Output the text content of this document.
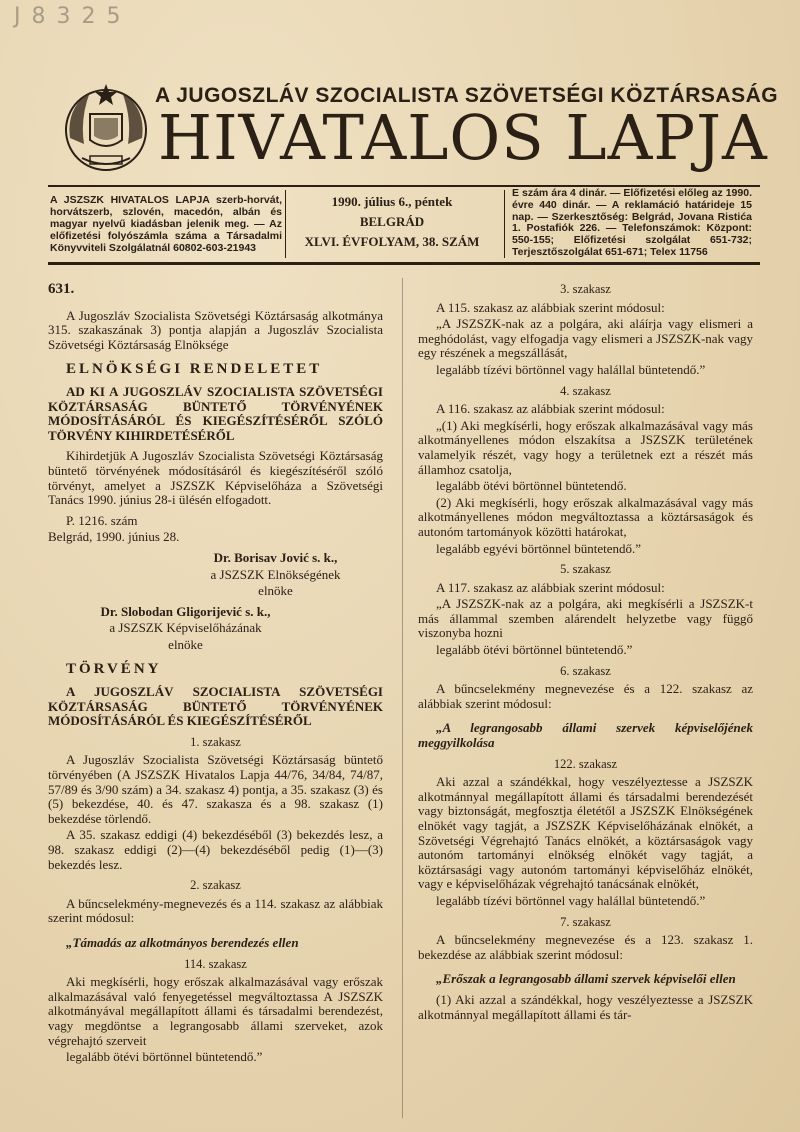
J 8 3 2 5
A JUGOSZLÁV SZOCIALISTA SZÖVETSÉGI KÖZTÁRSASÁG
HIVATALOS LAPJA
A JSZSZK HIVATALOS LAPJA szerb-horvát, horvátszerb, szlovén, macedón, albán és magyar nyelvű kiadásban jelenik meg. — Az előfizetési folyószámla száma a Társadalmi Könyvviteli Szolgálatnál 60802-603-21943
1990. július 6., péntek
BELGRÁD
XLVI. ÉVFOLYAM, 38. SZÁM
E szám ára 4 dinár. — Előfizetési előleg az 1990. évre 440 dinár. — A reklamáció határideje 15 nap. — Szerkesztőség: Belgrád, Jovana Ristića 1. Postafiók 226. — Telefonszámok: Központ: 550-155; Előfizetési szolgálat 651-732; Terjesztőszolgálat 651-671; Telex 11756

631.

A Jugoszláv Szocialista Szövetségi Köztársaság alkotmánya 315. szakaszának 3) pontja alapján a Jugoszláv Szocialista Szövetségi Köztársaság Elnöksége

ELNÖKSÉGI RENDELETET

AD KI A JUGOSZLÁV SZOCIALISTA SZÖVETSÉGI KÖZTÁRSASÁG BÜNTETŐ TÖRVÉNYÉNEK MÓDOSÍTÁSÁRÓL ÉS KIEGÉSZÍTÉSÉRŐL SZÓLÓ TÖRVÉNY KIHIRDETÉSÉRŐL

Kihirdetjük A Jugoszláv Szocialista Szövetségi Köztársaság büntető törvényének módosításáról és kiegészítéséről szóló törvényt, amelyet a JSZSZK Képviselőháza a Szövetségi Tanács 1990. június 28-i ülésén elfogadott.

P. 1216. szám

Belgrád, 1990. június 28.

Dr. Borisav Jović s. k.,

a JSZSZK Elnökségének

elnöke

Dr. Slobodan Gligorijević s. k.,

a JSZSZK Képviselőházának

elnöke

TÖRVÉNY

A JUGOSZLÁV SZOCIALISTA SZÖVETSÉGI KÖZTÁRSASÁG BÜNTETŐ TÖRVÉNYÉNEK MÓDOSÍTÁSÁRÓL ÉS KIEGÉSZÍTÉSÉRŐL

1. szakasz

A Jugoszláv Szocialista Szövetségi Köztársaság büntető törvényében (A JSZSZK Hivatalos Lapja 44/76, 34/84, 74/87, 57/89 és 3/90 szám) a 34. szakasz 4) pontja, a 35. szakasz (3) és (5) bekezdése, 40. és 47. szakasza és a 98. szakasz (1) bekezdése törlendő.

A 35. szakasz eddigi (4) bekezdéséből (3) bekezdés lesz, a 98. szakasz eddigi (2)—(4) bekezdéséből pedig (1)—(3) bekezdés lesz.

2. szakasz

A bűncselekmény-megnevezés és a 114. szakasz az alábbiak szerint módosul:

„Támadás az alkotmányos berendezés ellen

114. szakasz

Aki megkísérli, hogy erőszak alkalmazásával vagy erőszak alkalmazásával való fenyegetéssel megváltoztassa A JSZSZK alkotmányával megállapított állami és társadalmi berendezést, vagy megdöntse a legrangosabb állami szerveket, azok végrehajtó szerveit

legalább ötévi börtönnel büntetendő.”

3. szakasz

A 115. szakasz az alábbiak szerint módosul:

„A JSZSZK-nak az a polgára, aki aláírja vagy elismeri a meghódolást, vagy elfogadja vagy elismeri a JSZSZK-nak vagy egy részének a megszállását,

legalább tízévi börtönnel vagy halállal büntetendő.”

4. szakasz

A 116. szakasz az alábbiak szerint módosul:

„(1) Aki megkísérli, hogy erőszak alkalmazásával vagy más alkotmányellenes módon elszakítsa a JSZSZK területének valamelyik részét, vagy hogy a területnek ezt a részét más államhoz csatolja,

legalább ötévi börtönnel büntetendő.

(2) Aki megkísérli, hogy erőszak alkalmazásával vagy más alkotmányellenes módon megváltoztassa a köztársaságok és autonóm tartományok közötti határokat,

legalább egyévi börtönnel büntetendő.”

5. szakasz

A 117. szakasz az alábbiak szerint módosul:

„A JSZSZK-nak az a polgára, aki megkísérli a JSZSZK-t más állammal szemben alárendelt helyzetbe vagy függő viszonyba hozni

legalább ötévi börtönnel büntetendő.”

6. szakasz

A bűncselekmény megnevezése és a 122. szakasz az alábbiak szerint módosul:

„A legrangosabb állami szervek képviselőjének meggyilkolása

122. szakasz

Aki azzal a szándékkal, hogy veszélyeztesse a JSZSZK alkotmánnyal megállapított állami és társadalmi berendezését vagy biztonságát, megfosztja életétől a JSZSZK Elnökségének elnökét vagy tagját, a JSZSZK Képviselőházának elnökét, a Szövetségi Végrehajtó Tanács elnökét, a köztársaságok vagy autonóm tartományi elnökség elnökét vagy tagját, a köztársasági vagy autonóm tartományi képviselőház elnökét, vagy e képviselőházak végrehajtó tanácsának elnökét,

legalább tízévi börtönnel vagy halállal büntetendő.”

7. szakasz

A bűncselekmény megnevezése és a 123. szakasz 1. bekezdése az alábbiak szerint módosul:

„Erőszak a legrangosabb állami szervek képviselői ellen

(1) Aki azzal a szándékkal, hogy veszélyeztesse a JSZSZK alkotmánnyal megállapított állami és tár-
